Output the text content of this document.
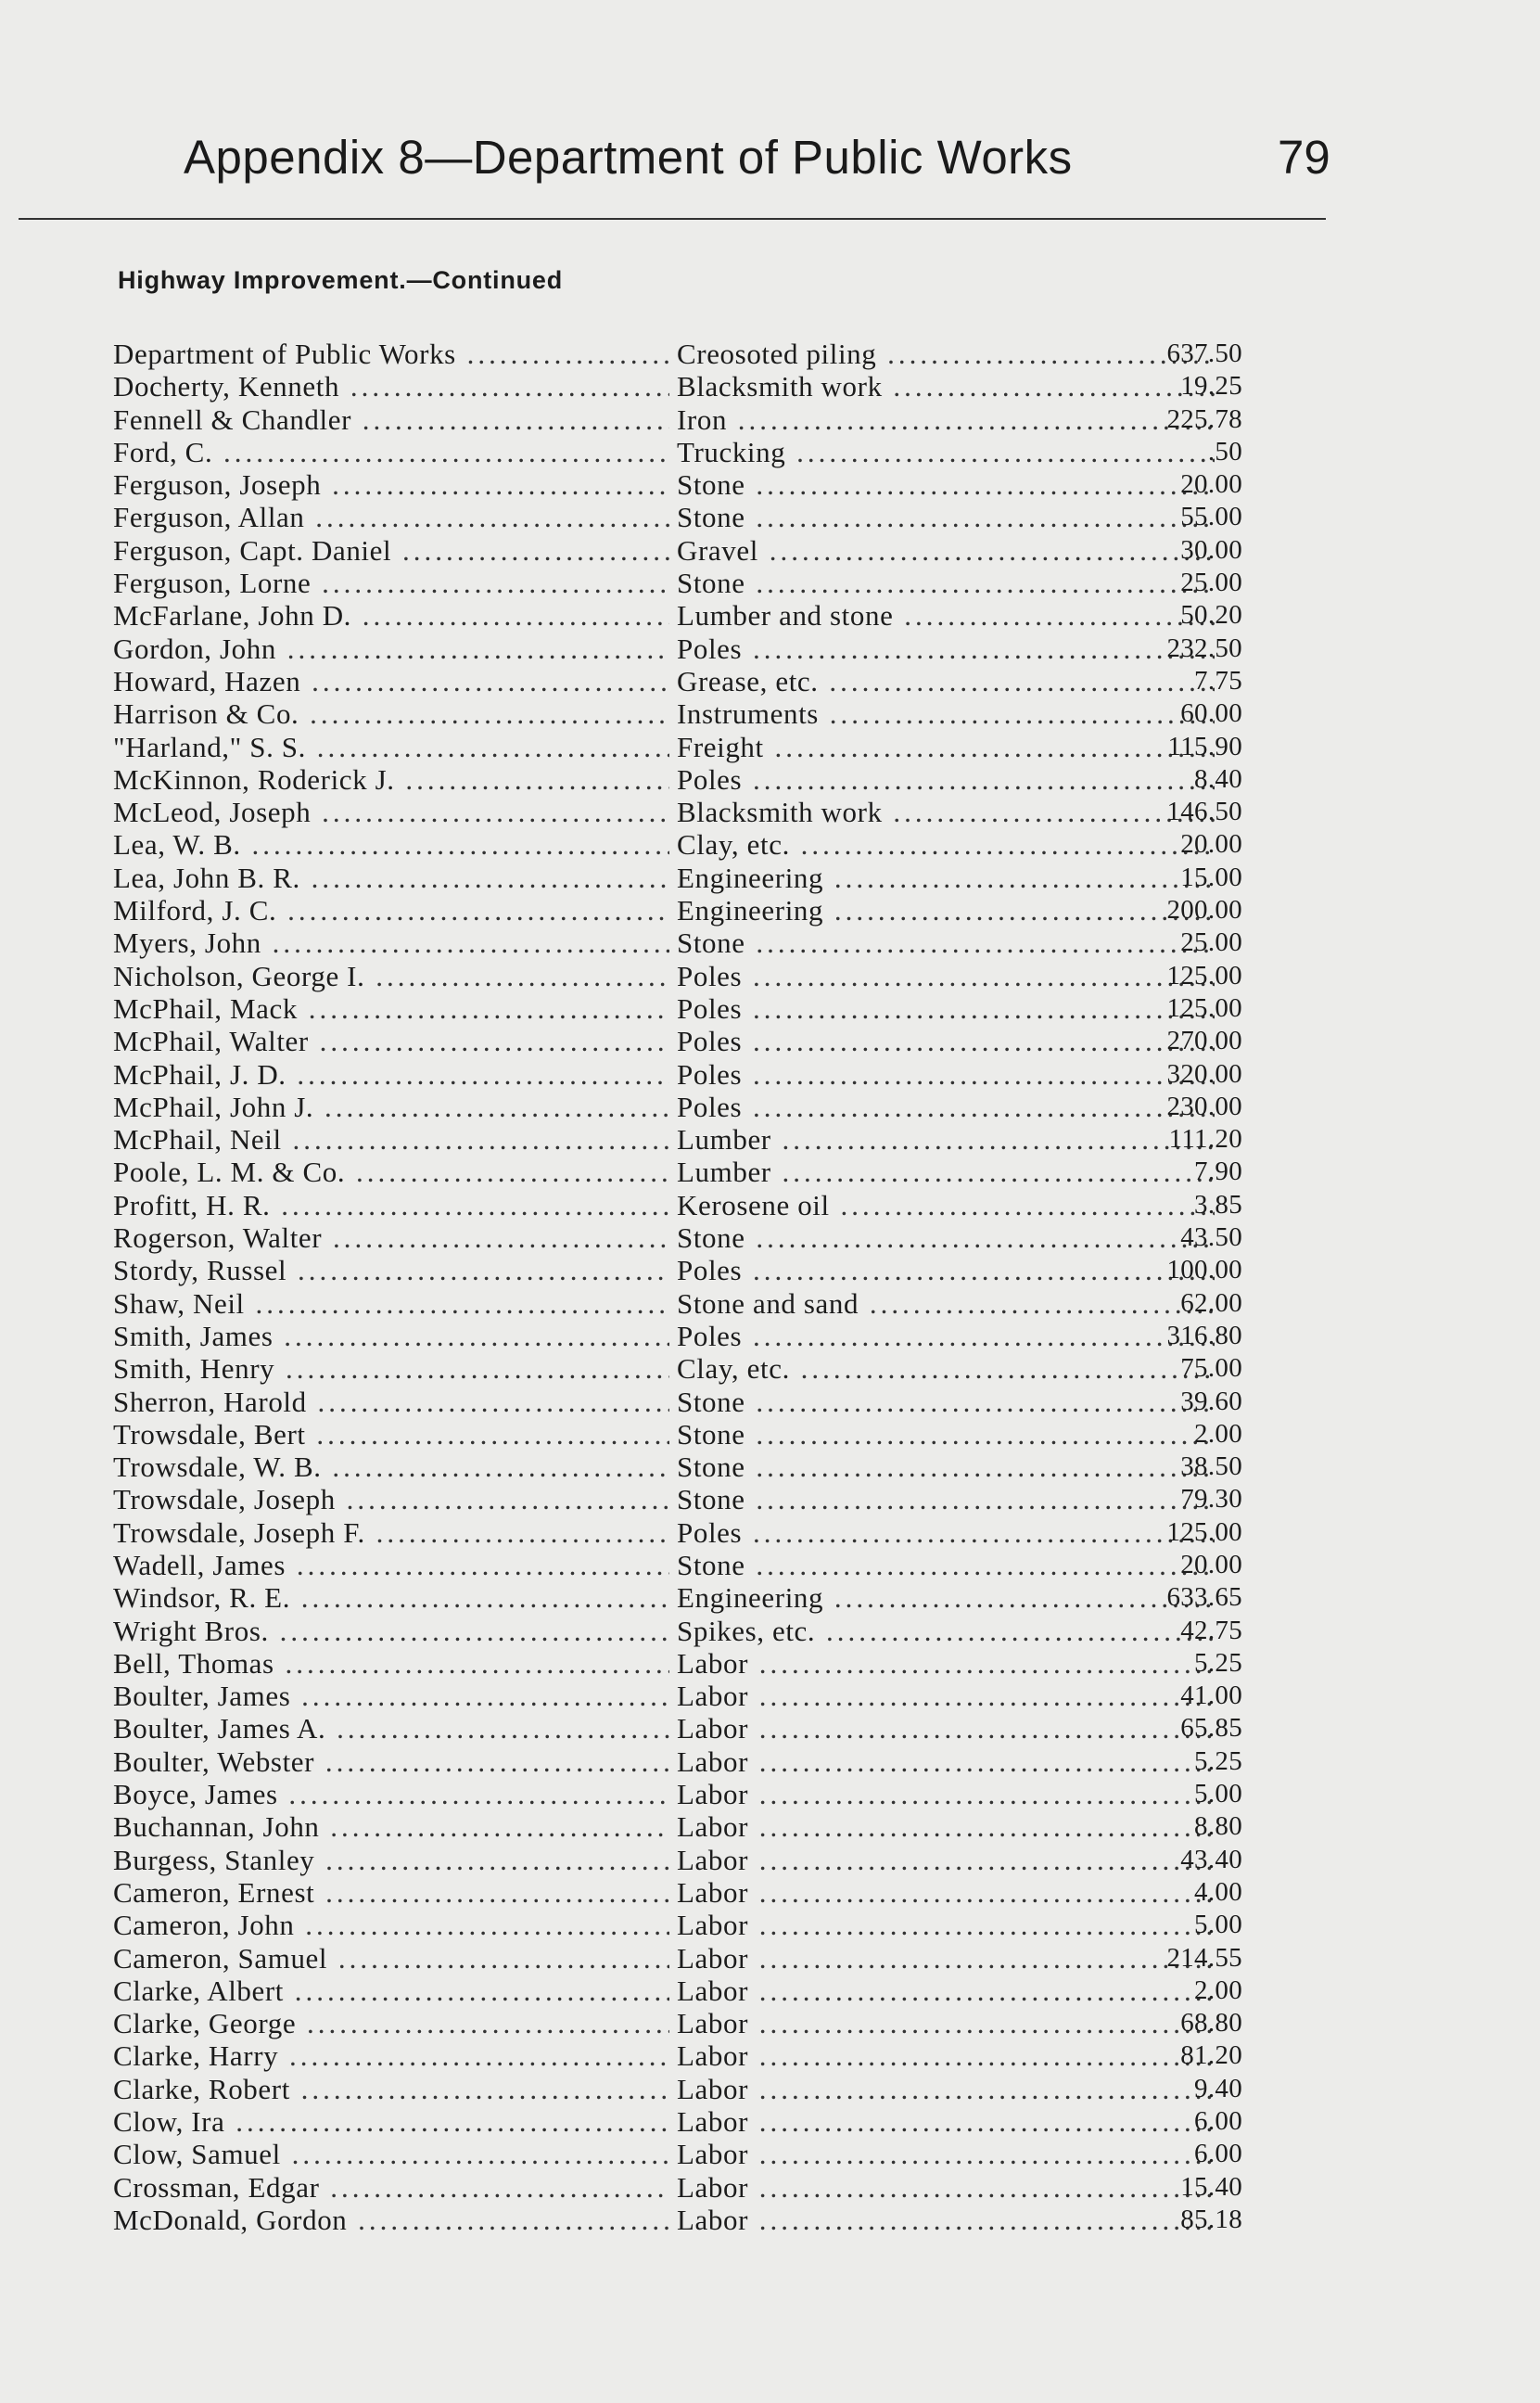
Appendix 8—Department of Public Works	79
Highway Improvement.—Continued
Department of Public Works .....	Creosoted piling .....	637.50
Docherty, Kenneth .....	Blacksmith work .....	19.25
Fennell & Chandler .....	Iron .....	225.78
Ford, C. .....	Trucking .....	.50
Ferguson, Joseph .....	Stone .....	20.00
Ferguson, Allan .....	Stone .....	55.00
Ferguson, Capt. Daniel .....	Gravel .....	30.00
Ferguson, Lorne .....	Stone .....	25.00
McFarlane, John D. .....	Lumber and stone .....	50.20
Gordon, John .....	Poles .....	232.50
Howard, Hazen .....	Grease, etc. .....	7.75
Harrison & Co. .....	Instruments .....	60.00
"Harland," S. S. .....	Freight .....	115.90
McKinnon, Roderick J. .....	Poles .....	8.40
McLeod, Joseph .....	Blacksmith work .....	146.50
Lea, W. B. .....	Clay, etc. .....	20.00
Lea, John B. R. .....	Engineering .....	15.00
Milford, J. C. .....	Engineering .....	200.00
Myers, John .....	Stone .....	25.00
Nicholson, George I. .....	Poles .....	125.00
McPhail, Mack .....	Poles .....	125.00
McPhail, Walter .....	Poles .....	270.00
McPhail, J. D. .....	Poles .....	320.00
McPhail, John J. .....	Poles .....	230.00
McPhail, Neil .....	Lumber .....	111.20
Poole, L. M. & Co. .....	Lumber .....	7.90
Profitt, H. R. .....	Kerosene oil .....	3.85
Rogerson, Walter .....	Stone .....	43.50
Stordy, Russel .....	Poles .....	100.00
Shaw, Neil .....	Stone and sand .....	62.00
Smith, James .....	Poles .....	316.80
Smith, Henry .....	Clay, etc. .....	75.00
Sherron, Harold .....	Stone .....	39.60
Trowsdale, Bert .....	Stone .....	2.00
Trowsdale, W. B. .....	Stone .....	38.50
Trowsdale, Joseph .....	Stone .....	79.30
Trowsdale, Joseph F. .....	Poles .....	125.00
Wadell, James .....	Stone .....	20.00
Windsor, R. E. .....	Engineering .....	633.65
Wright Bros. .....	Spikes, etc. .....	42.75
Bell, Thomas .....	Labor .....	5.25
Boulter, James .....	Labor .....	41.00
Boulter, James A. .....	Labor .....	65.85
Boulter, Webster .....	Labor .....	5.25
Boyce, James .....	Labor .....	5.00
Buchannan, John .....	Labor .....	8.80
Burgess, Stanley .....	Labor .....	43.40
Cameron, Ernest .....	Labor .....	4.00
Cameron, John .....	Labor .....	5.00
Cameron, Samuel .....	Labor .....	214.55
Clarke, Albert .....	Labor .....	2.00
Clarke, George .....	Labor .....	68.80
Clarke, Harry .....	Labor .....	81.20
Clarke, Robert .....	Labor .....	9.40
Clow, Ira .....	Labor .....	6.00
Clow, Samuel .....	Labor .....	6.00
Crossman, Edgar .....	Labor .....	15.40
McDonald, Gordon .....	Labor .....	85.18
